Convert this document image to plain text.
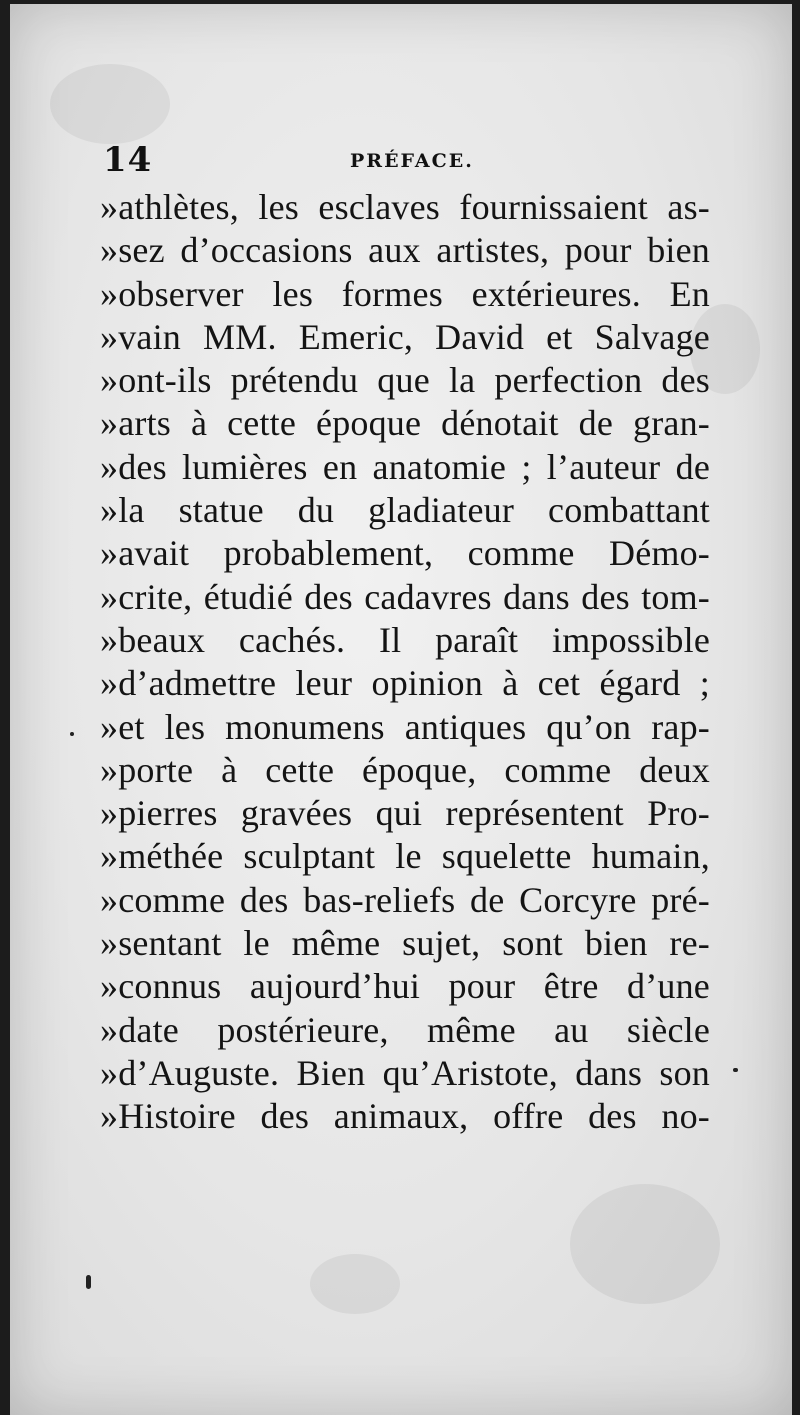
14	PRÉFACE.
»athlètes, les esclaves fournissaient as-
»sez d’occasions aux artistes, pour bien
»observer les formes extérieures. En
»vain MM. Emeric, David et Salvage
»ont-ils prétendu que la perfection des
»arts à cette époque dénotait de gran-
»des lumières en anatomie ; l’auteur de
»la statue du gladiateur combattant
»avait probablement, comme Démo-
»crite, étudié des cadavres dans des tom-
»beaux cachés. Il paraît impossible
»d’admettre leur opinion à cet égard ;
»et les monumens antiques qu’on rap-
»porte à cette époque, comme deux
»pierres gravées qui représentent Pro-
»méthée sculptant le squelette humain,
»comme des bas-reliefs de Corcyre pré-
»sentant le même sujet, sont bien re-
»connus aujourd’hui pour être d’une
»date postérieure, même au siècle
»d’Auguste. Bien qu’Aristote, dans son
»Histoire des animaux, offre des no-
